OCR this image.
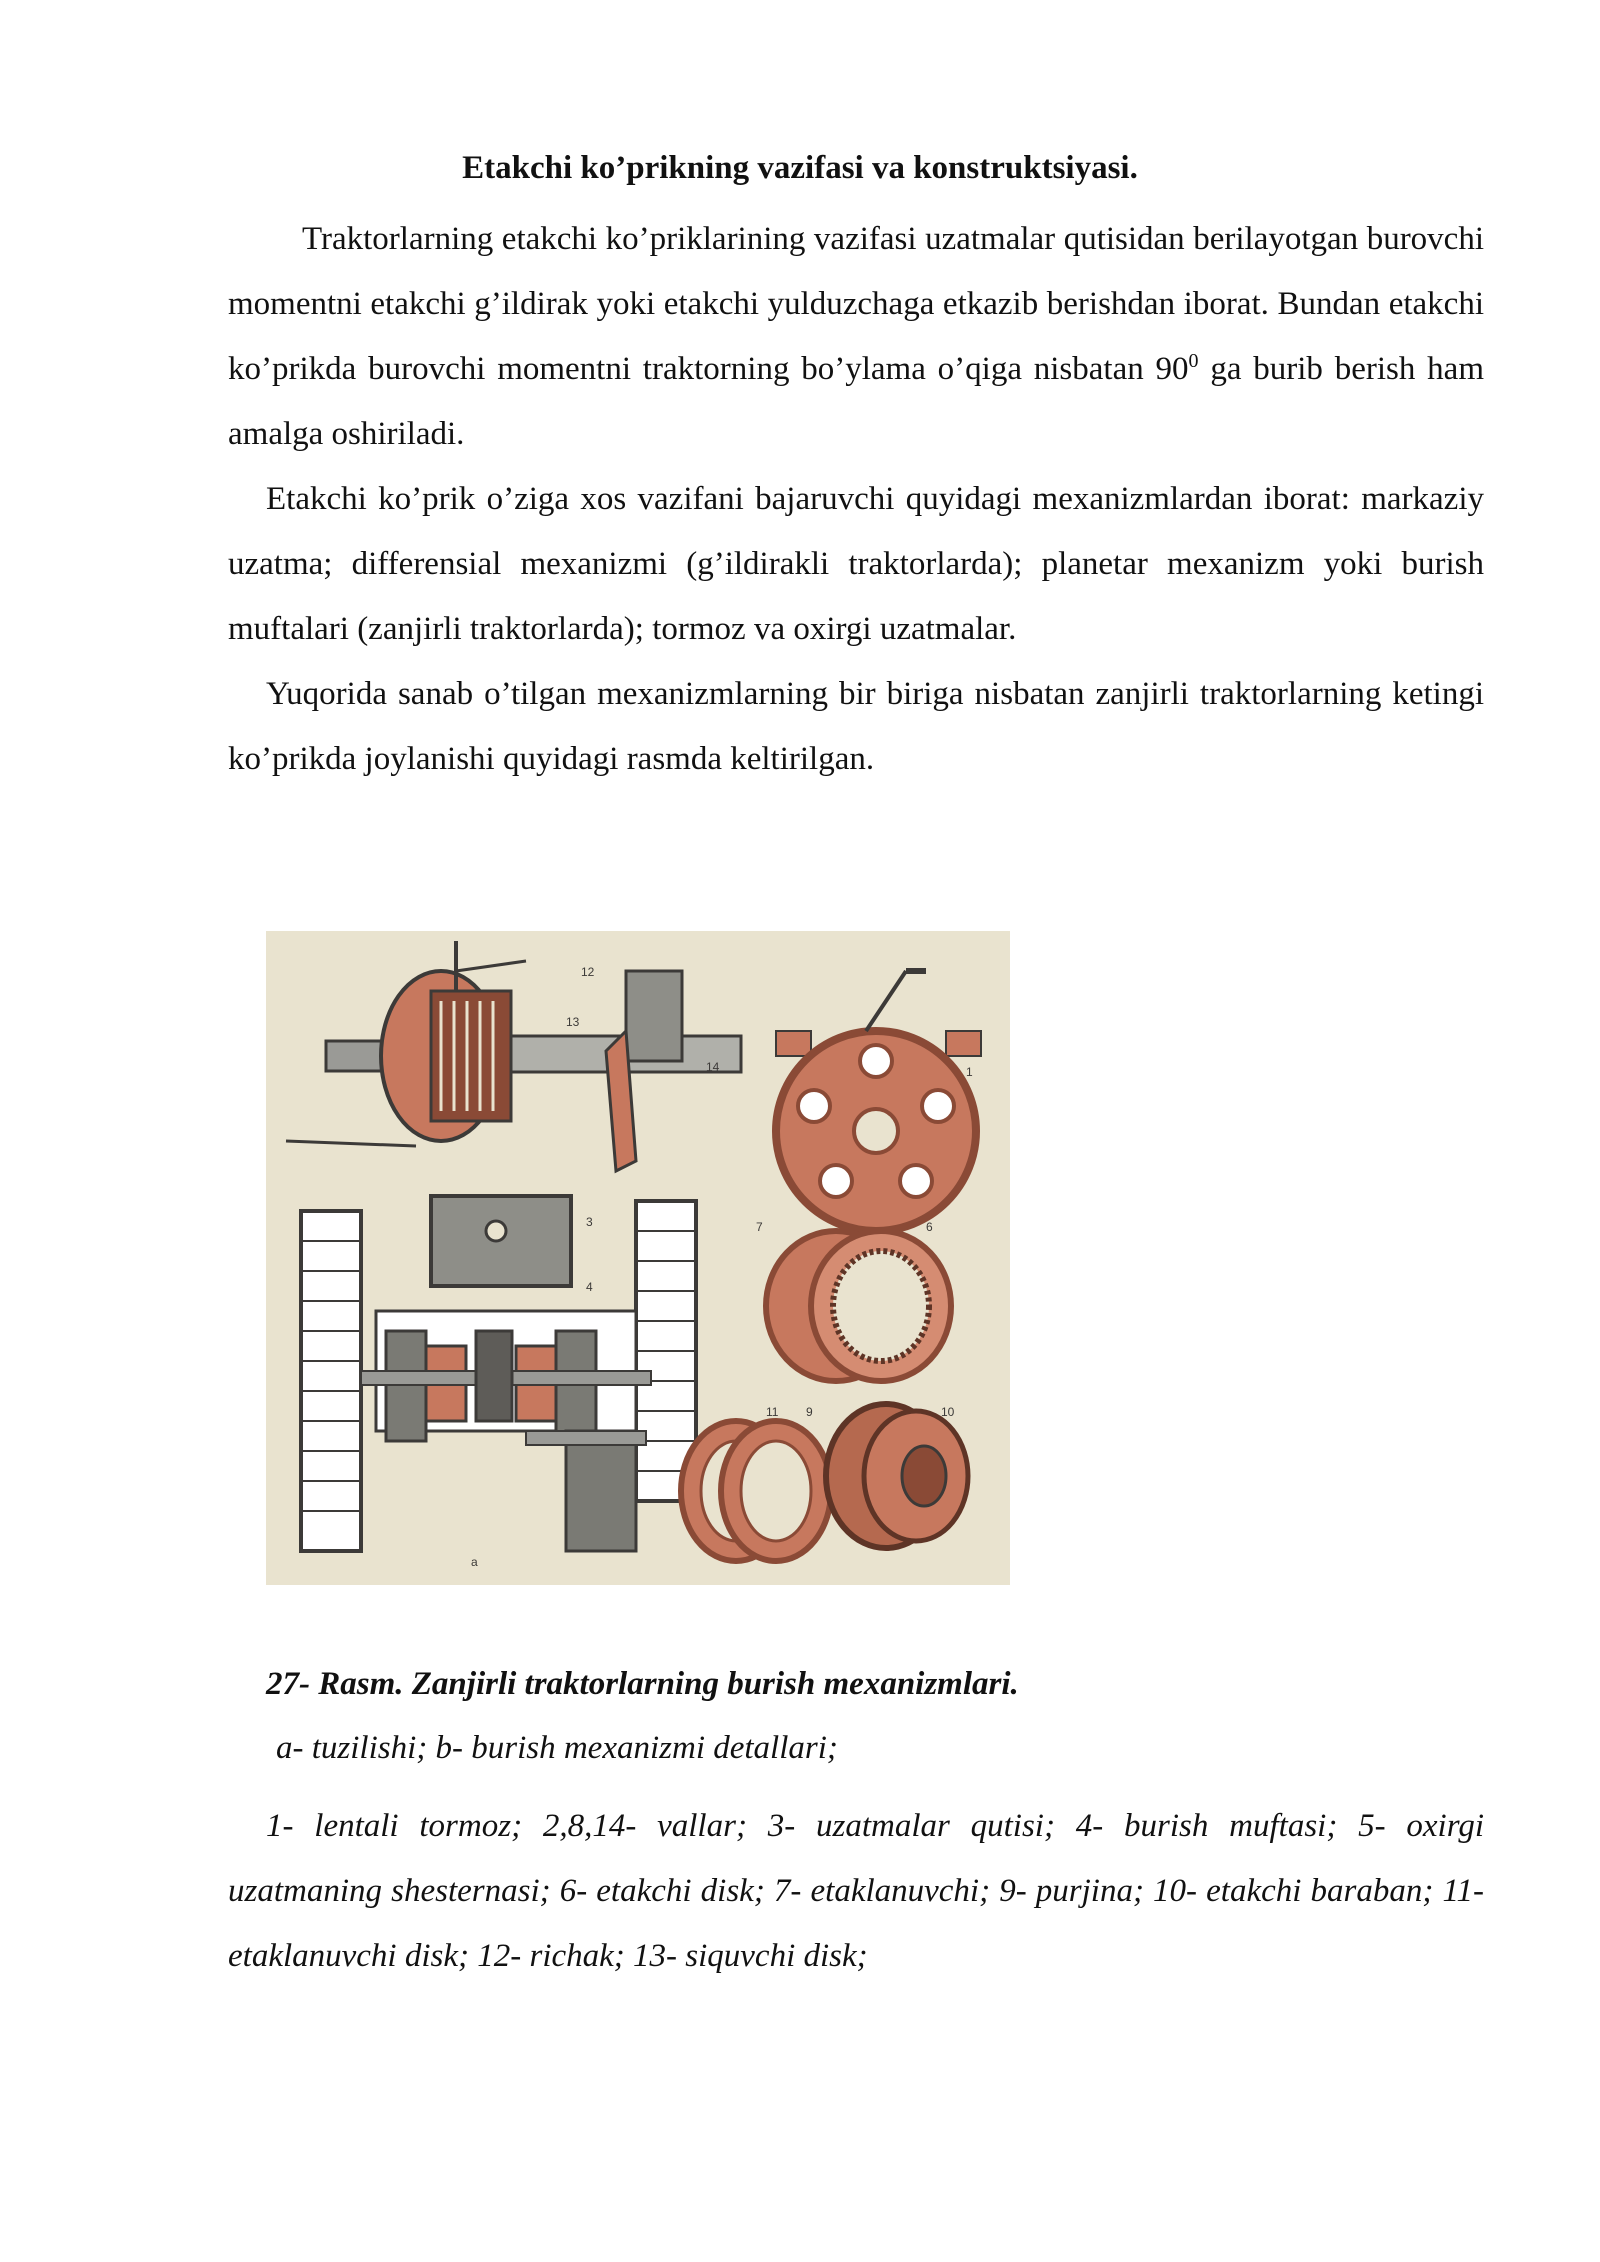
Etakchi ko’prikning vazifasi va konstruktsiyasi.
Traktorlarning etakchi ko’priklarining vazifasi uzatmalar qutisidan berilayotgan burovchi momentni etakchi g’ildirak yoki etakchi yulduzchaga etkazib berishdan iborat. Bundan etakchi ko’prikda burovchi momentni traktorning bo’ylama o’qiga nisbatan $90^0$ ga burib berish ham amalga oshiriladi.
Etakchi ko’prik o’ziga xos vazifani bajaruvchi quyidagi mexanizmlardan iborat: markaziy uzatma; differensial mexanizmi (g’ildirakli traktorlarda); planetar mexanizm yoki burish muftalari (zanjirli traktorlarda); tormoz va oxirgi uzatmalar.
Yuqorida sanab o’tilgan mexanizmlarning bir biriga nisbatan zanjirli traktorlarning ketingi ko’prikda joylanishi quyidagi rasmda keltirilgan.
12
14
13
1
3
4
6
7
9	10
11
a
27- Rasm. Zanjirli traktorlarning burish mexanizmlari.
a- tuzilishi; b- burish mexanizmi detallari;
1- lentali tormoz; 2,8,14- vallar; 3- uzatmalar qutisi; 4- burish muftasi; 5- oxirgi uzatmaning shesternasi; 6- etakchi disk; 7- etaklanuvchi; 9- purjina; 10- etakchi baraban; 11- etaklanuvchi disk; 12- richak; 13- siquvchi disk;
